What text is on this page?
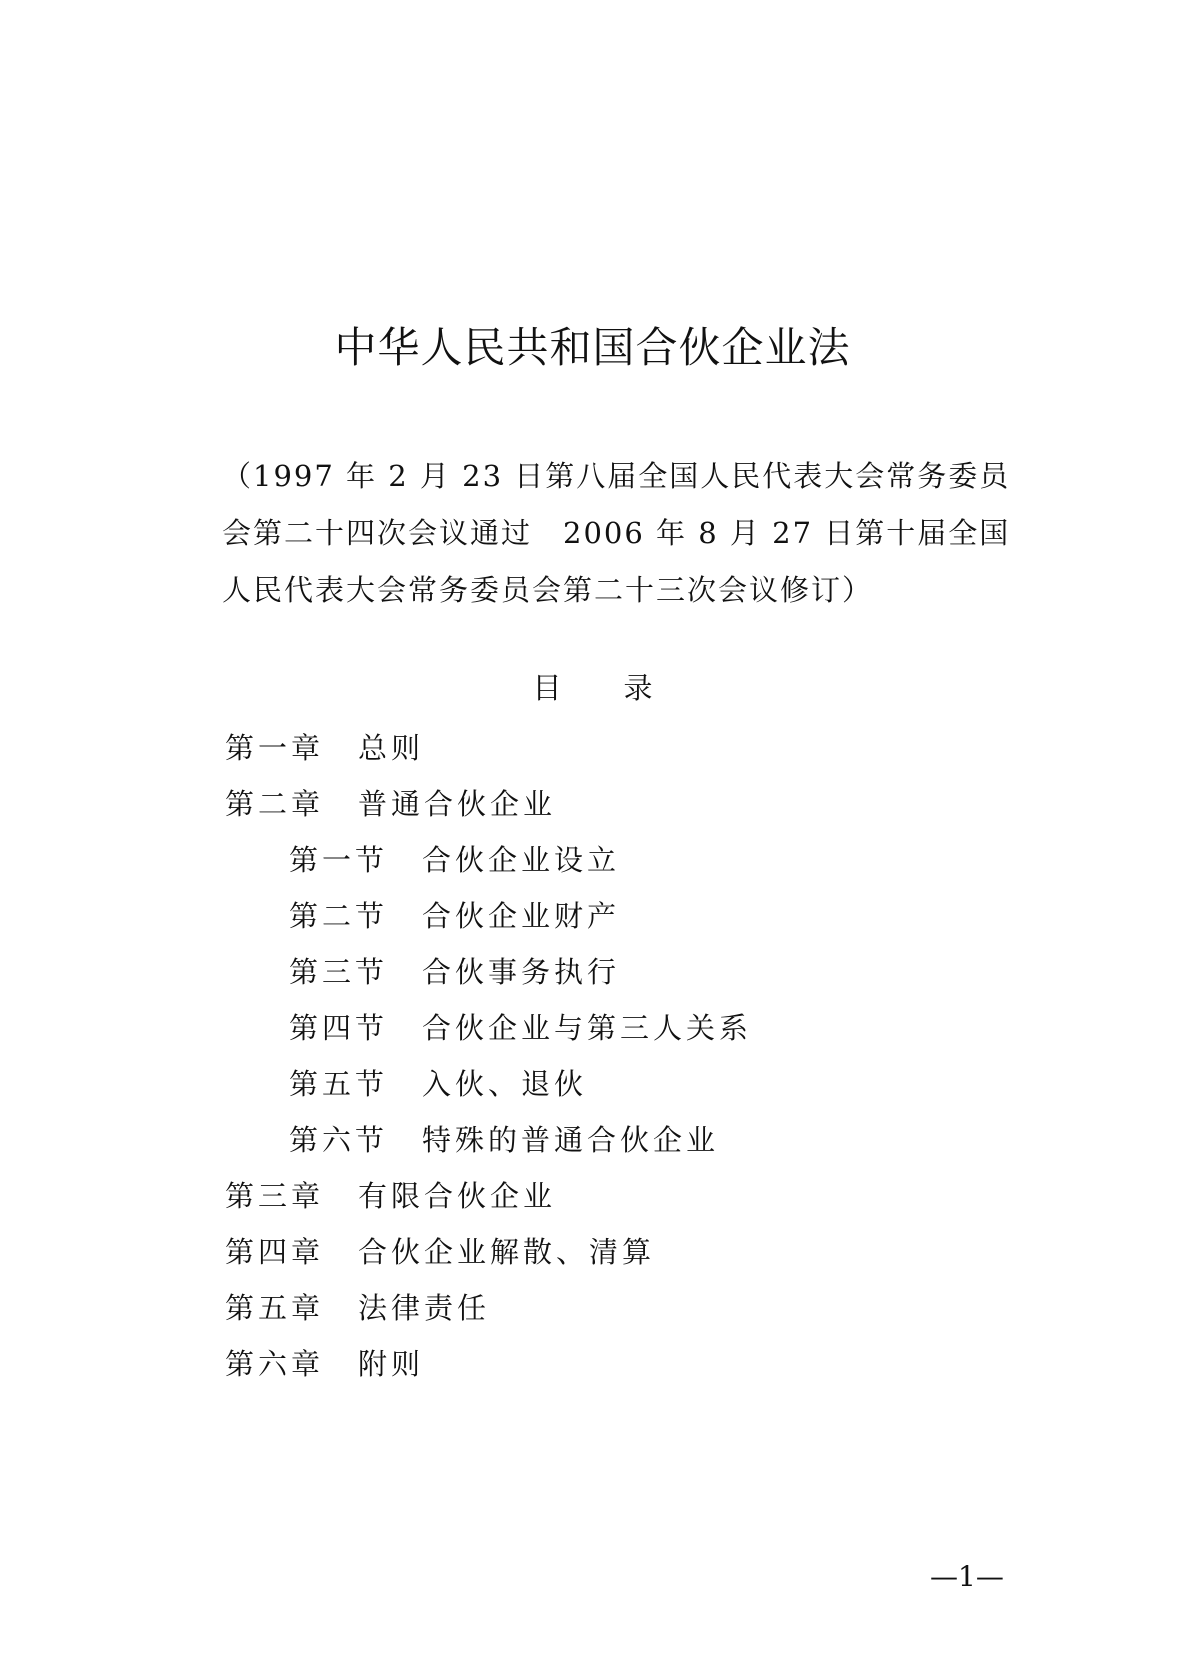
中华人民共和国合伙企业法

（1997 年 2 月 23 日第八届全国人民代表大会常务委员
会第二十四次会议通过　2006 年 8 月 27 日第十届全国
人民代表大会常务委员会第二十三次会议修订）

目 录
第一章 总则
第二章 普通合伙企业
第一节 合伙企业设立
第二节 合伙企业财产
第三节 合伙事务执行
第四节 合伙企业与第三人关系
第五节 入伙、退伙
第六节 特殊的普通合伙企业
第三章 有限合伙企业
第四章 合伙企业解散、清算
第五章 法律责任
第六章 附则
—1—
